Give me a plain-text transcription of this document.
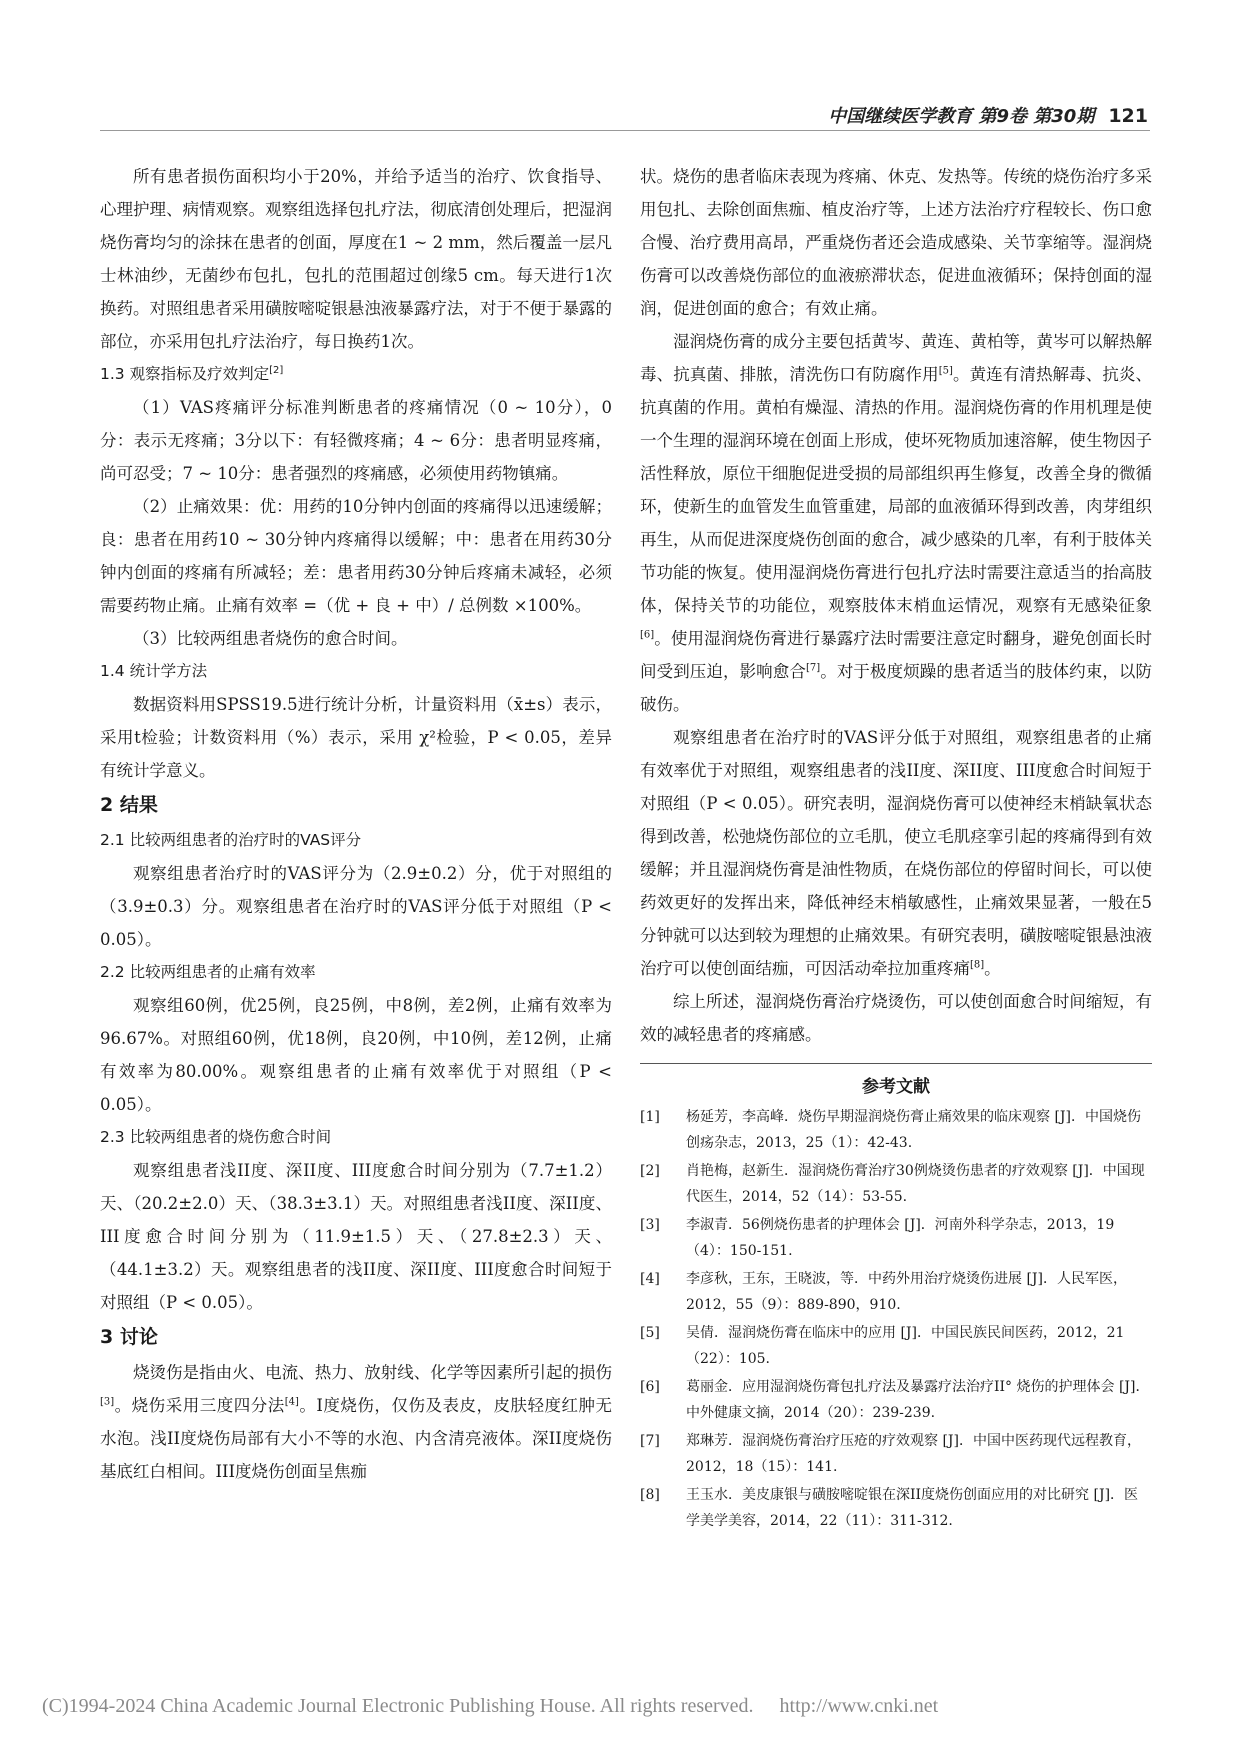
中国继续医学教育 第9卷 第30期 121

所有患者损伤面积均小于20%，并给予适当的治疗、饮食指导、心理护理、病情观察。观察组选择包扎疗法，彻底清创处理后，把湿润烧伤膏均匀的涂抹在患者的创面，厚度在1 ~ 2 mm，然后覆盖一层凡士林油纱，无菌纱布包扎，包扎的范围超过创缘5 cm。每天进行1次换药。对照组患者采用磺胺嘧啶银悬浊液暴露疗法，对于不便于暴露的部位，亦采用包扎疗法治疗，每日换药1次。

1.3 观察指标及疗效判定[2]

（1）VAS疼痛评分标准判断患者的疼痛情况（0 ~ 10分），0分：表示无疼痛；3分以下：有轻微疼痛；4 ~ 6分：患者明显疼痛，尚可忍受；7 ~ 10分：患者强烈的疼痛感，必须使用药物镇痛。

（2）止痛效果：优：用药的10分钟内创面的疼痛得以迅速缓解；良：患者在用药10 ~ 30分钟内疼痛得以缓解；中：患者在用药30分钟内创面的疼痛有所减轻；差：患者用药30分钟后疼痛未减轻，必须需要药物止痛。止痛有效率 =（优 + 良 + 中）/ 总例数 ×100%。

（3）比较两组患者烧伤的愈合时间。

1.4 统计学方法

数据资料用SPSS19.5进行统计分析，计量资料用（x̄±s）表示，采用t检验；计数资料用（%）表示，采用 χ²检验，P < 0.05，差异有统计学意义。

2 结果

2.1 比较两组患者的治疗时的VAS评分

观察组患者治疗时的VAS评分为（2.9±0.2）分，优于对照组的（3.9±0.3）分。观察组患者在治疗时的VAS评分低于对照组（P < 0.05）。

2.2 比较两组患者的止痛有效率

观察组60例，优25例，良25例，中8例，差2例，止痛有效率为96.67%。对照组60例，优18例，良20例，中10例，差12例，止痛有效率为80.00%。观察组患者的止痛有效率优于对照组（P < 0.05）。

2.3 比较两组患者的烧伤愈合时间

观察组患者浅II度、深II度、III度愈合时间分别为（7.7±1.2）天、（20.2±2.0）天、（38.3±3.1）天。对照组患者浅II度、深II度、III度愈合时间分别为（11.9±1.5）天、（27.8±2.3）天、（44.1±3.2）天。观察组患者的浅II度、深II度、III度愈合时间短于对照组（P < 0.05）。

3 讨论

烧烫伤是指由火、电流、热力、放射线、化学等因素所引起的损伤[3]。烧伤采用三度四分法[4]。I度烧伤，仅伤及表皮，皮肤轻度红肿无水泡。浅II度烧伤局部有大小不等的水泡、内含清亮液体。深II度烧伤基底红白相间。III度烧伤创面呈焦痂

状。烧伤的患者临床表现为疼痛、休克、发热等。传统的烧伤治疗多采用包扎、去除创面焦痂、植皮治疗等，上述方法治疗疗程较长、伤口愈合慢、治疗费用高昂，严重烧伤者还会造成感染、关节挛缩等。湿润烧伤膏可以改善烧伤部位的血液瘀滞状态，促进血液循环；保持创面的湿润，促进创面的愈合；有效止痛。

湿润烧伤膏的成分主要包括黄岑、黄连、黄柏等，黄岑可以解热解毒、抗真菌、排脓，清洗伤口有防腐作用[5]。黄连有清热解毒、抗炎、抗真菌的作用。黄柏有燥湿、清热的作用。湿润烧伤膏的作用机理是使一个生理的湿润环境在创面上形成，使坏死物质加速溶解，使生物因子活性释放，原位干细胞促进受损的局部组织再生修复，改善全身的微循环，使新生的血管发生血管重建，局部的血液循环得到改善，肉芽组织再生，从而促进深度烧伤创面的愈合，减少感染的几率，有利于肢体关节功能的恢复。使用湿润烧伤膏进行包扎疗法时需要注意适当的抬高肢体，保持关节的功能位，观察肢体末梢血运情况，观察有无感染征象[6]。使用湿润烧伤膏进行暴露疗法时需要注意定时翻身，避免创面长时间受到压迫，影响愈合[7]。对于极度烦躁的患者适当的肢体约束，以防破伤。

观察组患者在治疗时的VAS评分低于对照组，观察组患者的止痛有效率优于对照组，观察组患者的浅II度、深II度、III度愈合时间短于对照组（P < 0.05）。研究表明，湿润烧伤膏可以使神经末梢缺氧状态得到改善，松弛烧伤部位的立毛肌，使立毛肌痉挛引起的疼痛得到有效缓解；并且湿润烧伤膏是油性物质，在烧伤部位的停留时间长，可以使药效更好的发挥出来，降低神经末梢敏感性，止痛效果显著，一般在5分钟就可以达到较为理想的止痛效果。有研究表明，磺胺嘧啶银悬浊液治疗可以使创面结痂，可因活动牵拉加重疼痛[8]。

综上所述，湿润烧伤膏治疗烧烫伤，可以使创面愈合时间缩短，有效的减轻患者的疼痛感。

参考文献
[1]	杨延芳，李高峰．烧伤早期湿润烧伤膏止痛效果的临床观察 [J]．中国烧伤创疡杂志，2013，25（1）：42-43.
[2]	肖艳梅，赵新生．湿润烧伤膏治疗30例烧烫伤患者的疗效观察 [J]．中国现代医生，2014，52（14）：53-55.
[3]	李淑青．56例烧伤患者的护理体会 [J]．河南外科学杂志，2013，19（4）：150-151.
[4]	李彦秋，王东，王晓波，等．中药外用治疗烧烫伤进展 [J]．人民军医，2012，55（9）：889-890，910.
[5]	吴倩．湿润烧伤膏在临床中的应用 [J]．中国民族民间医药，2012，21（22）：105.
[6]	葛丽金．应用湿润烧伤膏包扎疗法及暴露疗法治疗II° 烧伤的护理体会 [J]．中外健康文摘，2014（20）：239-239.
[7]	郑琳芳．湿润烧伤膏治疗压疮的疗效观察 [J]．中国中医药现代远程教育，2012，18（15）：141.
[8]	王玉水．美皮康银与磺胺嘧啶银在深II度烧伤创面应用的对比研究 [J]．医学美学美容，2014，22（11）：311-312.
(C)1994-2024 China Academic Journal Electronic Publishing House. All rights reserved. http://www.cnki.net
